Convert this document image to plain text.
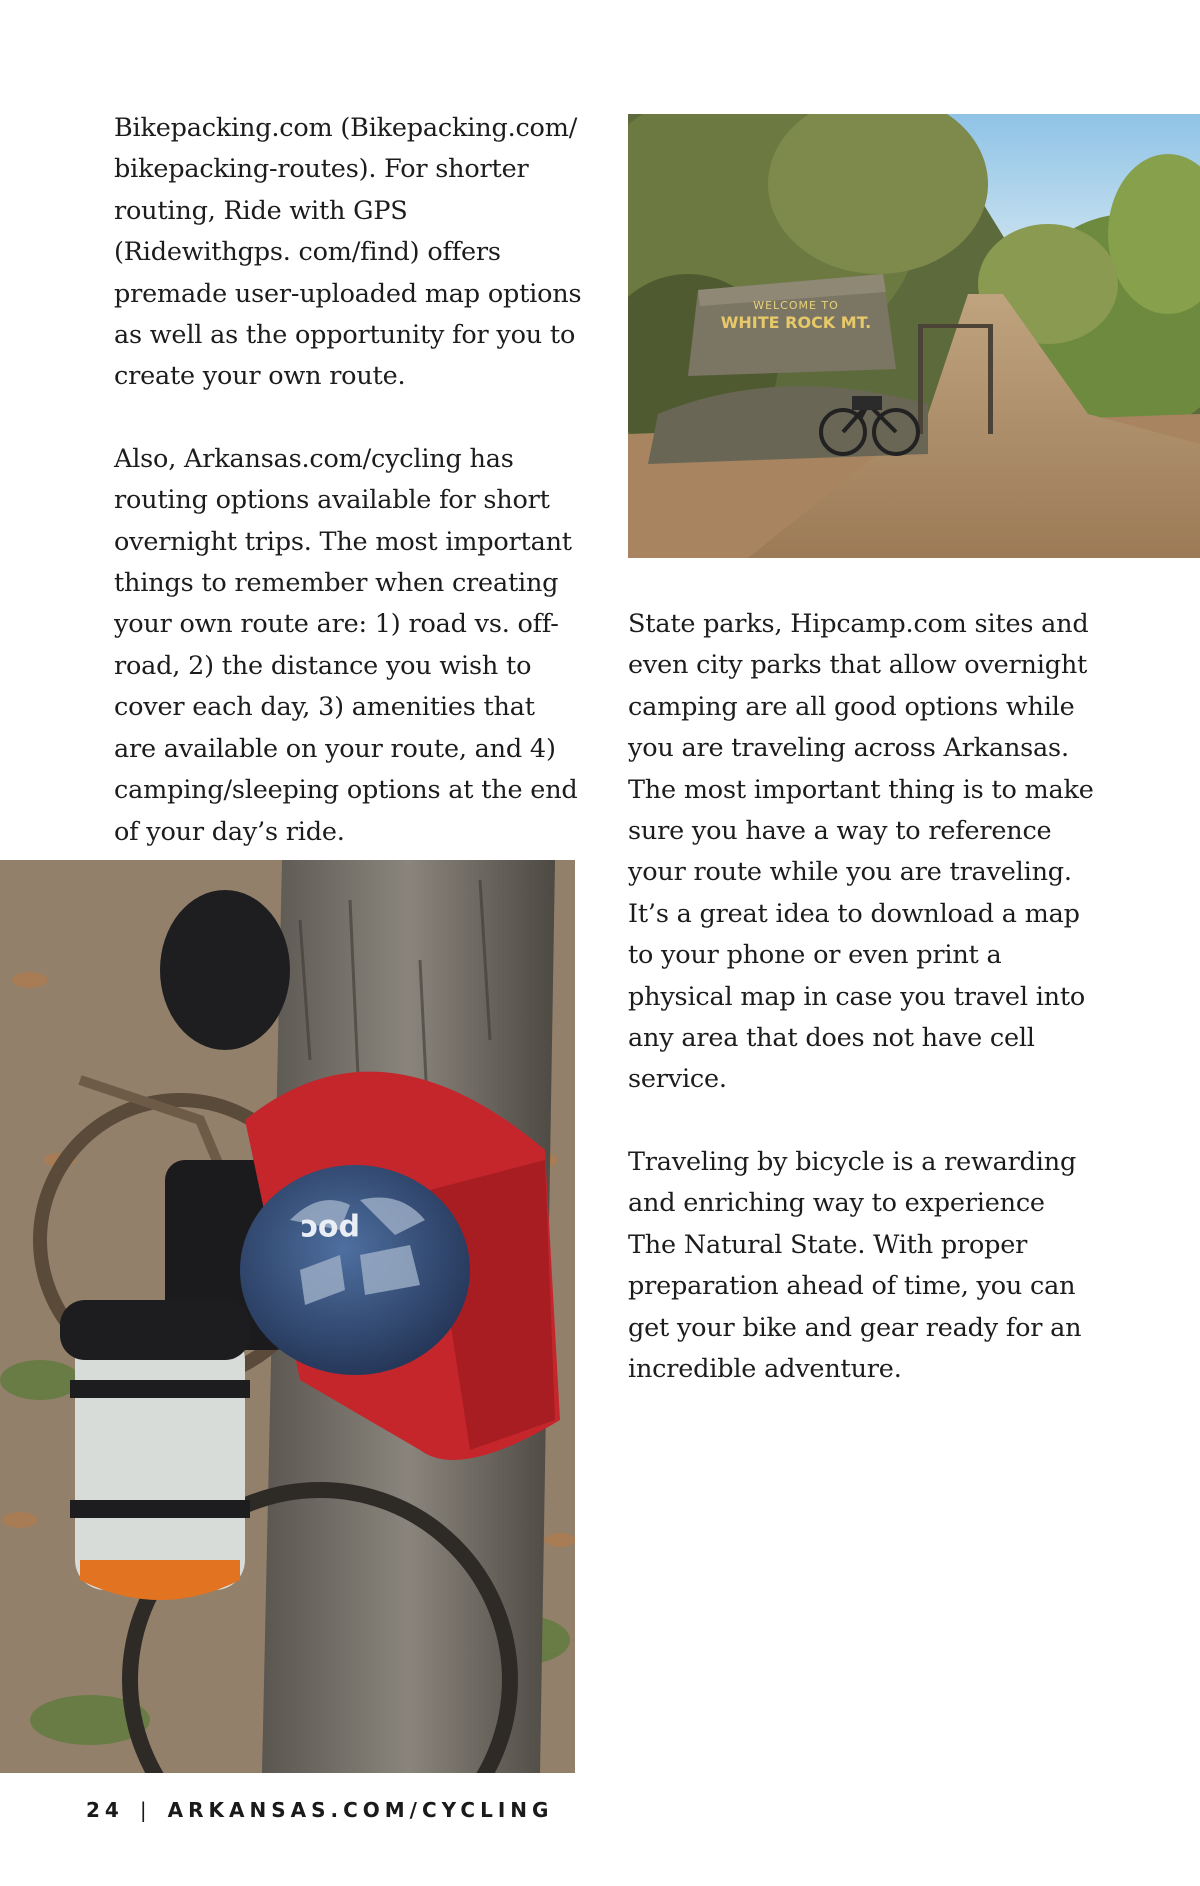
Bikepacking.com (Bikepacking.com/ bikepacking-routes). For shorter routing, Ride with GPS (Ridewithgps. com/find) offers premade user-uploaded map options as well as the opportunity for you to create your own route.

Also, Arkansas.com/cycling has routing options available for short overnight trips. The most important things to remember when creating your own route are: 1) road vs. off-road, 2) the distance you wish to cover each day, 3) amenities that are available on your route, and 4) camping/sleeping options at the end of your day’s ride.

WELCOME TO
WHITE ROCK MT.

State parks, Hipcamp.com sites and even city parks that allow overnight camping are all good options while you are traveling across Arkansas. The most important thing is to make sure you have a way to reference your route while you are traveling. It’s a great idea to download a map to your phone or even print a physical map in case you travel into any area that does not have cell service.

Traveling by bicycle is a rewarding and enriching way to experience The Natural State. With proper preparation ahead of time, you can get your bike and gear ready for an incredible adventure.

poc
24 | ARKANSAS.COM/CYCLING
